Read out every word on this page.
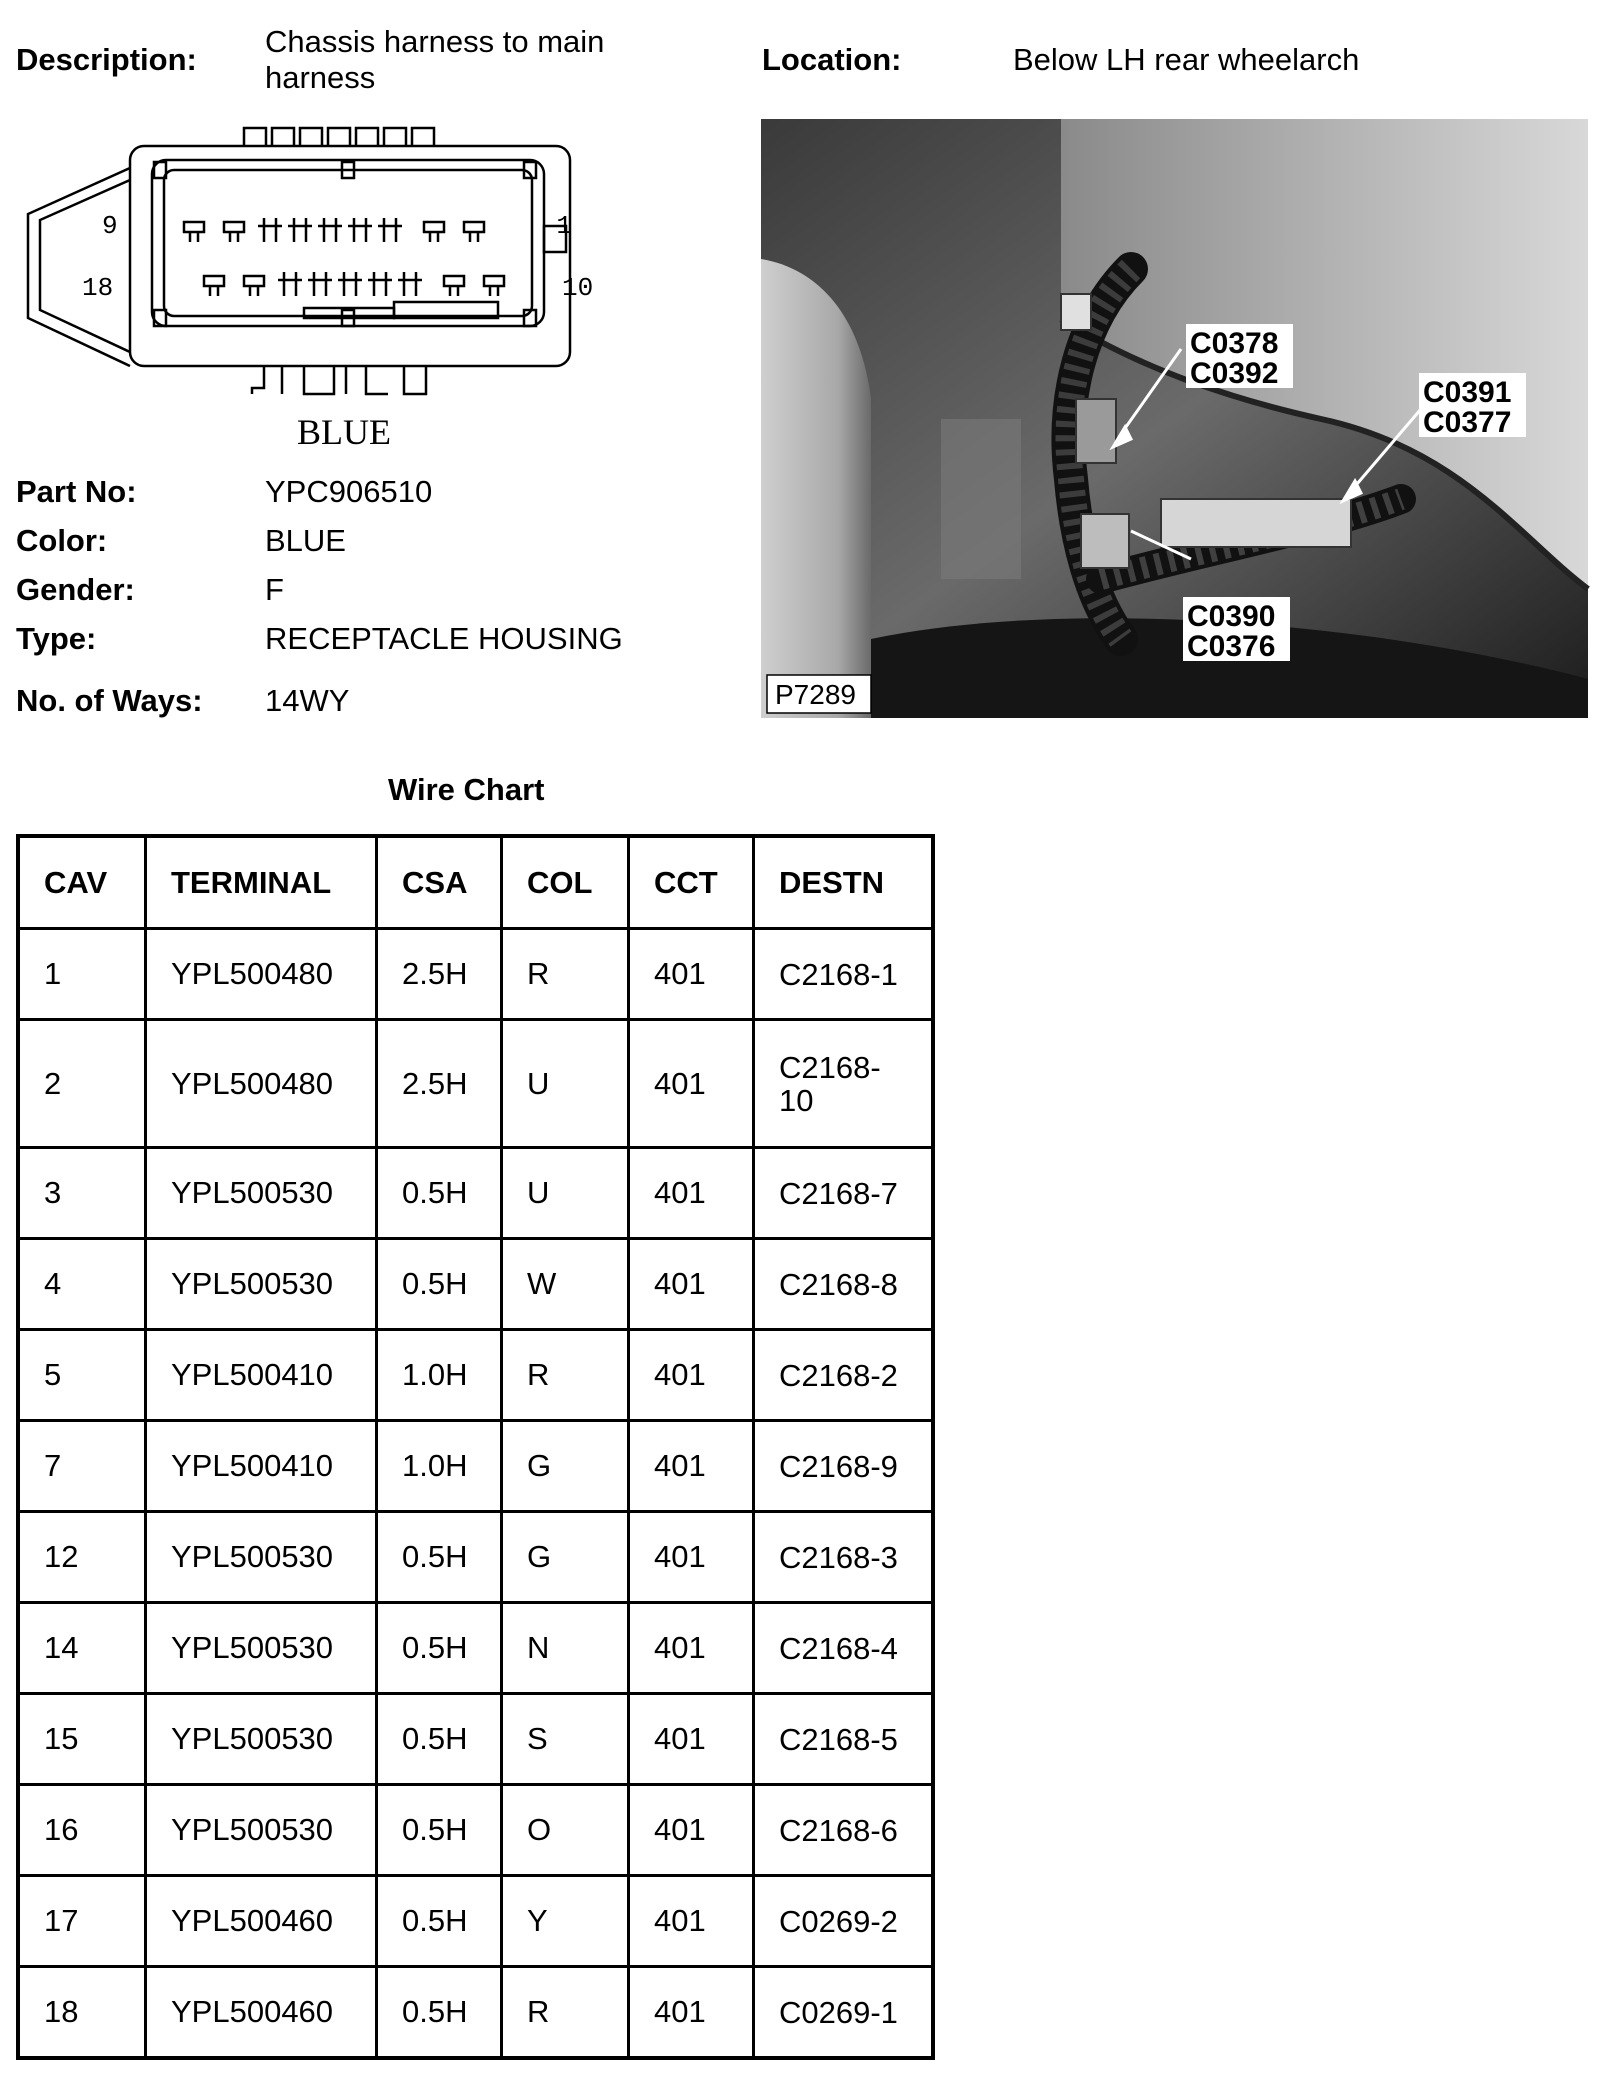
Description:
Chassis harness to main harness
Location:	Below LH rear wheelarch
9
18
1
10
BLUE
Part No:	YPC906510
Color:	BLUE
Gender:	F
Type:	RECEPTACLE HOUSING
No. of Ways: 14WY
C0378
C0392
C0391
C0377
C0390
C0376
P7289
Wire Chart
CAV	TERMINAL	CSA	COL	CCT	DESTN
1	YPL500480	2.5H	R	401	C2168-1
2	YPL500480	2.5H	U	401	C2168-10
3	YPL500530	0.5H	U	401	C2168-7
4	YPL500530	0.5H	W	401	C2168-8
5	YPL500410	1.0H	R	401	C2168-2
7	YPL500410	1.0H	G	401	C2168-9
12	YPL500530	0.5H	G	401	C2168-3
14	YPL500530	0.5H	N	401	C2168-4
15	YPL500530	0.5H	S	401	C2168-5
16	YPL500530	0.5H	O	401	C2168-6
17	YPL500460	0.5H	Y	401	C0269-2
18	YPL500460	0.5H	R	401	C0269-1
